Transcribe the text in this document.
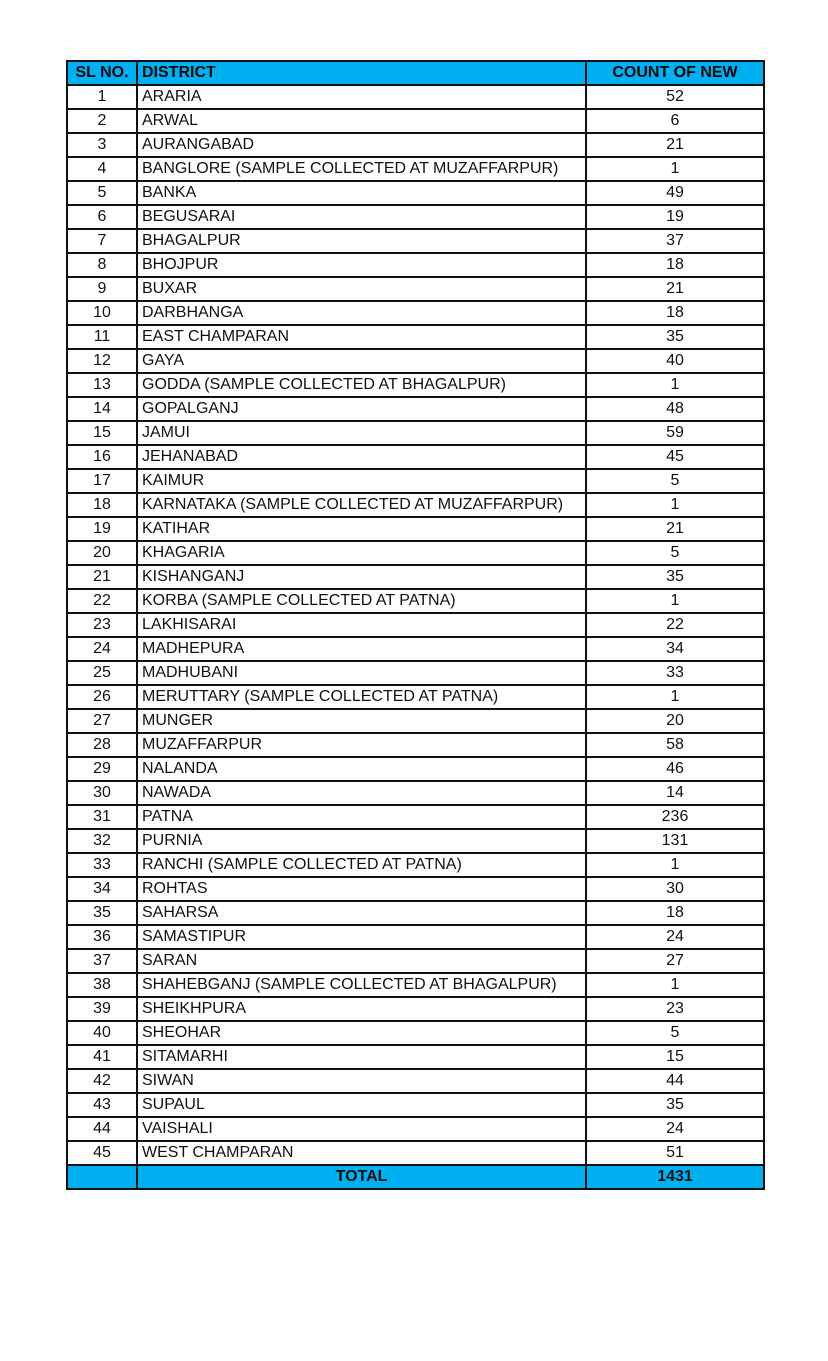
SL NO.	DISTRICT	COUNT OF NEW
1	ARARIA	52
2	ARWAL	6
3	AURANGABAD	21
4	BANGLORE (SAMPLE COLLECTED AT MUZAFFARPUR)	1
5	BANKA	49
6	BEGUSARAI	19
7	BHAGALPUR	37
8	BHOJPUR	18
9	BUXAR	21
10	DARBHANGA	18
11	EAST CHAMPARAN	35
12	GAYA	40
13	GODDA (SAMPLE COLLECTED AT BHAGALPUR)	1
14	GOPALGANJ	48
15	JAMUI	59
16	JEHANABAD	45
17	KAIMUR	5
18	KARNATAKA (SAMPLE COLLECTED AT MUZAFFARPUR)	1
19	KATIHAR	21
20	KHAGARIA	5
21	KISHANGANJ	35
22	KORBA (SAMPLE COLLECTED AT PATNA)	1
23	LAKHISARAI	22
24	MADHEPURA	34
25	MADHUBANI	33
26	MERUTTARY (SAMPLE COLLECTED AT PATNA)	1
27	MUNGER	20
28	MUZAFFARPUR	58
29	NALANDA	46
30	NAWADA	14
31	PATNA	236
32	PURNIA	131
33	RANCHI (SAMPLE COLLECTED AT PATNA)	1
34	ROHTAS	30
35	SAHARSA	18
36	SAMASTIPUR	24
37	SARAN	27
38	SHAHEBGANJ (SAMPLE COLLECTED AT BHAGALPUR)	1
39	SHEIKHPURA	23
40	SHEOHAR	5
41	SITAMARHI	15
42	SIWAN	44
43	SUPAUL	35
44	VAISHALI	24
45	WEST CHAMPARAN	51
	TOTAL	1431
